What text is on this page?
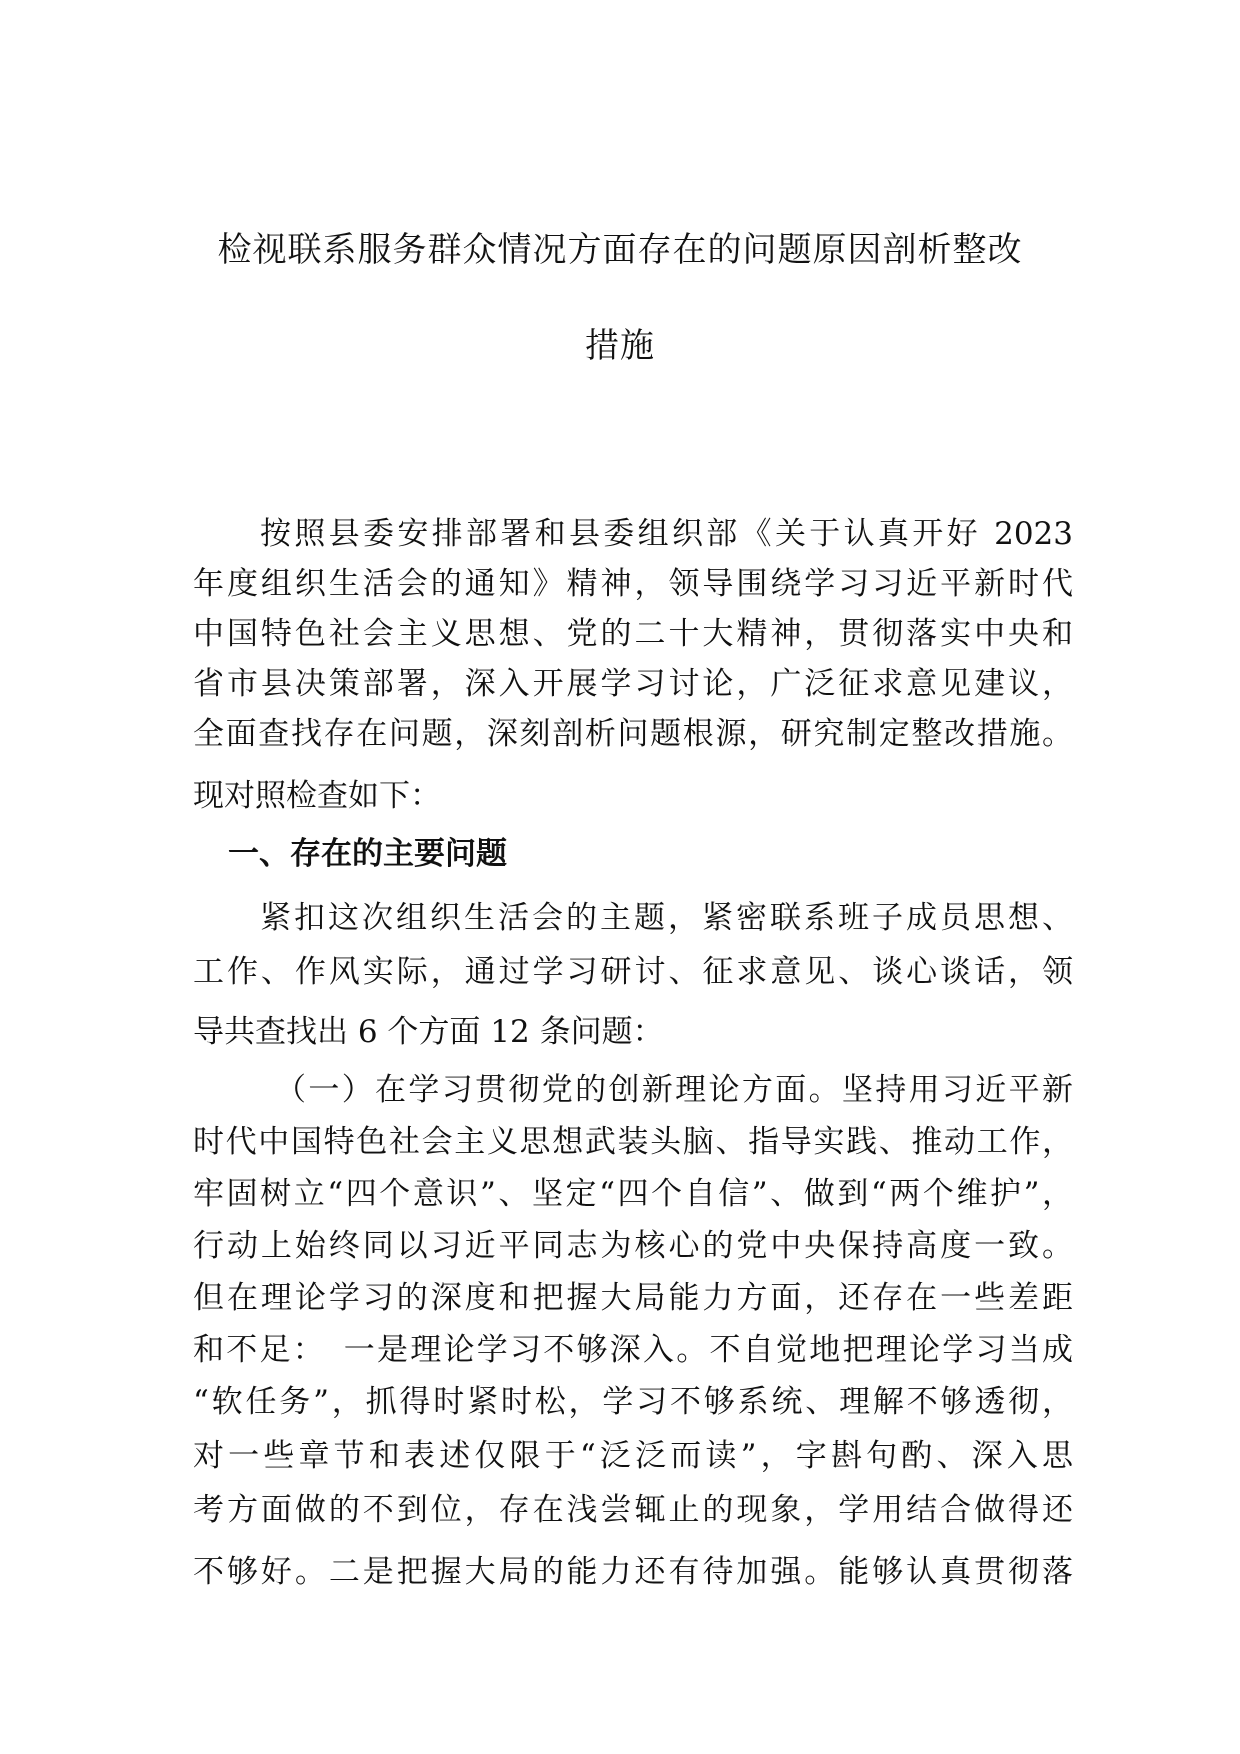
检视联系服务群众情况方面存在的问题原因剖析整改
措施
按照县委安排部署和县委组织部《关于认真开好 2023
年度组织生活会的通知》精神，领导围绕学习习近平新时代
中国特色社会主义思想、党的二十大精神，贯彻落实中央和
省市县决策部署，深入开展学习讨论，广泛征求意见建议，
全面查找存在问题，深刻剖析问题根源，研究制定整改措施。
现对照检查如下：
一、存在的主要问题
紧扣这次组织生活会的主题，紧密联系班子成员思想、
工作、作风实际，通过学习研讨、征求意见、谈心谈话，领
导共查找出 6 个方面 12 条问题：
（一）在学习贯彻党的创新理论方面。坚持用习近平新
时代中国特色社会主义思想武装头脑、指导实践、推动工作，
牢固树立“四个意识”、坚定“四个自信”、做到“两个维护”，
行动上始终同以习近平同志为核心的党中央保持高度一致。
但在理论学习的深度和把握大局能力方面，还存在一些差距
和不足：　一是理论学习不够深入。不自觉地把理论学习当成
“软任务”，抓得时紧时松，学习不够系统、理解不够透彻，
对一些章节和表述仅限于“泛泛而读”，字斟句酌、深入思
考方面做的不到位，存在浅尝辄止的现象，学用结合做得还
不够好。二是把握大局的能力还有待加强。能够认真贯彻落
